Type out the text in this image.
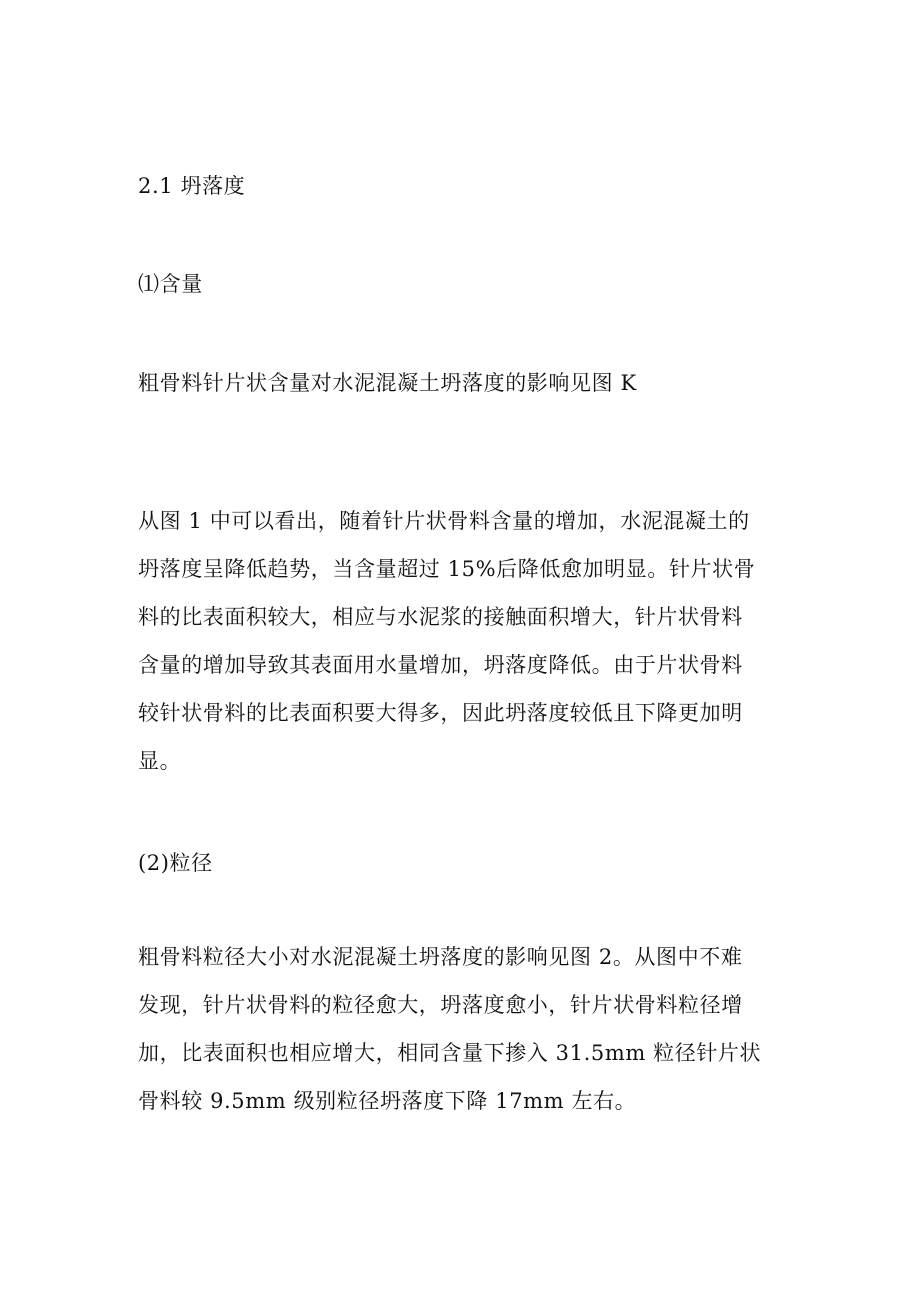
2.1 坍落度
⑴含量
粗骨料针片状含量对水泥混凝土坍落度的影响见图 K
从图 1 中可以看出，随着针片状骨料含量的增加，水泥混凝土的
坍落度呈降低趋势，当含量超过 15%后降低愈加明显。针片状骨
料的比表面积较大，相应与水泥浆的接触面积增大，针片状骨料
含量的增加导致其表面用水量增加，坍落度降低。由于片状骨料
较针状骨料的比表面积要大得多，因此坍落度较低且下降更加明
显。
(2)粒径
粗骨料粒径大小对水泥混凝土坍落度的影响见图 2。从图中不难
发现，针片状骨料的粒径愈大，坍落度愈小，针片状骨料粒径增
加，比表面积也相应增大，相同含量下掺入 31.5mm 粒径针片状
骨料较 9.5mm 级别粒径坍落度下降 17mm 左右。
